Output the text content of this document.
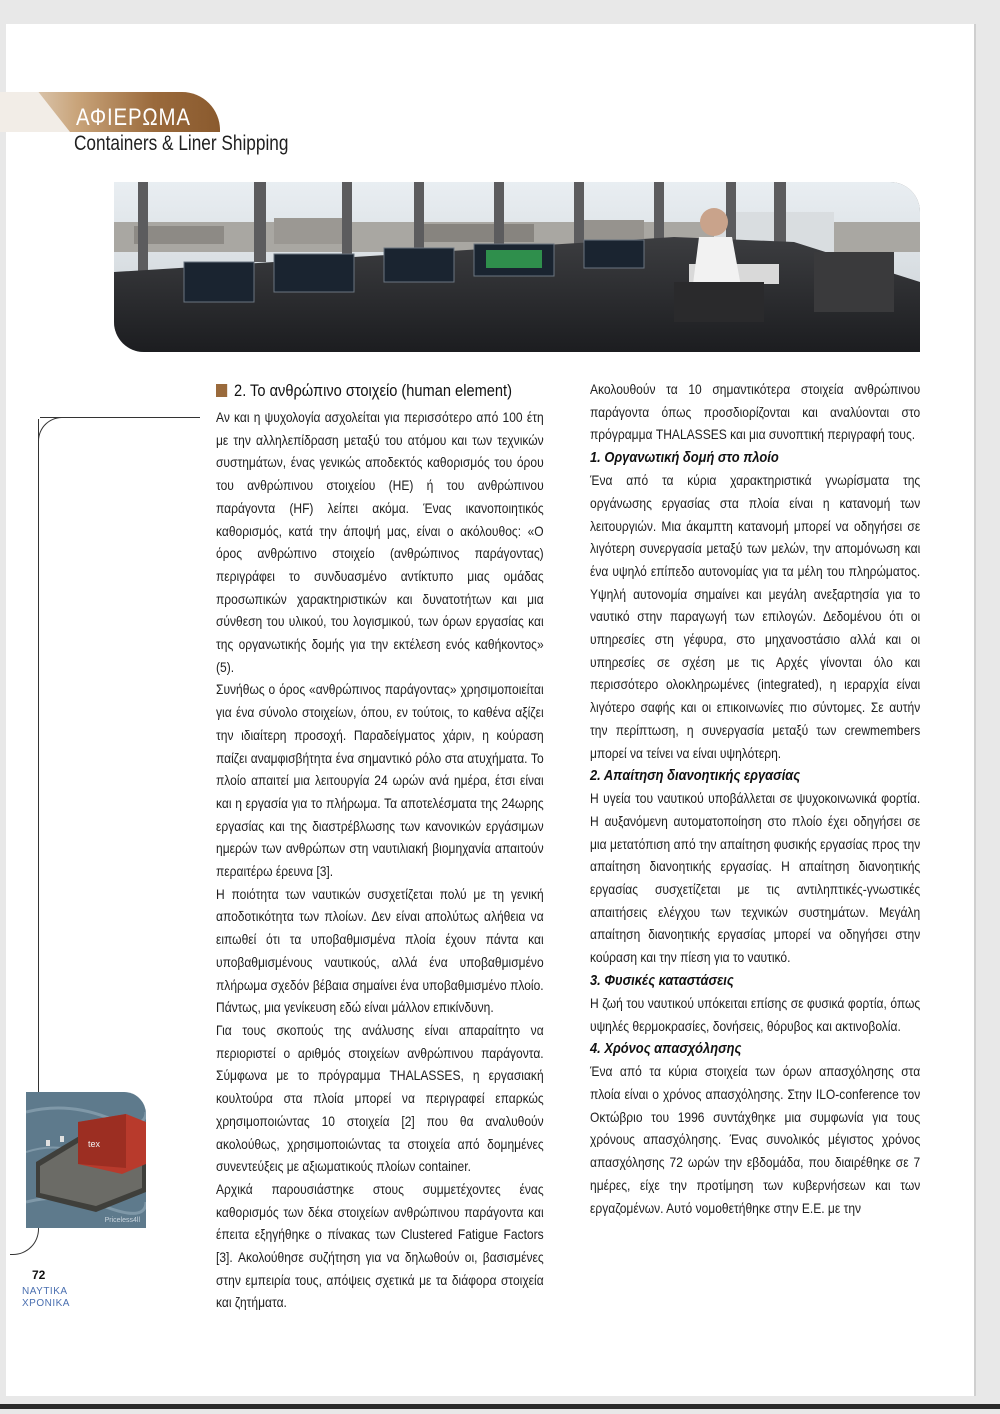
ΑΦΙΕΡΩΜΑ
Containers & Liner Shipping
tex
Priceless4ll
72
ΝΑΥΤΙΚΑ
ΧΡΟΝΙΚΑ
2. Το ανθρώπινο στοιχείο (human element)

Αν και η ψυχολογία ασχολείται για περισσότερο από 100 έτη με την αλληλεπίδραση μεταξύ του ατόμου και των τεχνικών συστημάτων, ένας γενικώς αποδεκτός καθορισμός του όρου του ανθρώπινου στοιχείου (HE) ή του ανθρώπινου παράγοντα (HF) λείπει ακόμα. Ένας ικανοποιητικός καθορισμός, κατά την άποψή μας, είναι ο ακόλουθος: «Ο όρος ανθρώπινο στοιχείο (ανθρώπινος παράγοντας) περιγράφει το συνδυασμένο αντίκτυπο μιας ομάδας προσωπικών χαρακτηριστικών και δυνατοτήτων και μια σύνθεση του υλικού, του λογισμικού, των όρων εργασίας και της οργανωτικής δομής για την εκτέλεση ενός καθήκοντος» (5).

Συνήθως ο όρος «ανθρώπινος παράγοντας» χρησιμοποιείται για ένα σύνολο στοιχείων, όπου, εν τούτοις, το καθένα αξίζει την ιδιαίτερη προσοχή. Παραδείγματος χάριν, η κούραση παίζει αναμφισβήτητα ένα σημαντικό ρόλο στα ατυχήματα. Το πλοίο απαιτεί μια λειτουργία 24 ωρών ανά ημέρα, έτσι είναι και η εργασία για το πλήρωμα. Τα αποτελέσματα της 24ωρης εργασίας και της διαστρέβλωσης των κανονικών εργάσιμων ημερών των ανθρώπων στη ναυτιλιακή βιομηχανία απαιτούν περαιτέρω έρευνα [3].

Η ποιότητα των ναυτικών συσχετίζεται πολύ με τη γενική αποδοτικότητα των πλοίων. Δεν είναι απολύτως αλήθεια να ειπωθεί ότι τα υποβαθμισμένα πλοία έχουν πάντα και υποβαθμισμένους ναυτικούς, αλλά ένα υποβαθμισμένο πλήρωμα σχεδόν βέβαια σημαίνει ένα υποβαθμισμένο πλοίο. Πάντως, μια γενίκευση εδώ είναι μάλλον επικίνδυνη.

Για τους σκοπούς της ανάλυσης είναι απαραίτητο να περιοριστεί ο αριθμός στοιχείων ανθρώπινου παράγοντα. Σύμφωνα με το πρόγραμμα THALASSES, η εργασιακή κουλτούρα στα πλοία μπορεί να περιγραφεί επαρκώς χρησιμοποιώντας 10 στοιχεία [2] που θα αναλυθούν ακολούθως, χρησιμοποιώντας τα στοιχεία από δομημένες συνεντεύξεις με αξιωματικούς πλοίων container.

Αρχικά παρουσιάστηκε στους συμμετέχοντες ένας καθορισμός των δέκα στοιχείων ανθρώπινου παράγοντα και έπειτα εξηγήθηκε ο πίνακας των Clustered Fatigue Factors [3]. Ακολούθησε συζήτηση για να δηλωθούν οι, βασισμένες στην εμπειρία τους, απόψεις σχετικά με τα διάφορα στοιχεία και ζητήματα.

Ακολουθούν τα 10 σημαντικότερα στοιχεία ανθρώπινου παράγοντα όπως προσδιορίζονται και αναλύονται στο πρόγραμμα THALASSES και μια συνοπτική περιγραφή τους.

1. Οργανωτική δομή στο πλοίο

Ένα από τα κύρια χαρακτηριστικά γνωρίσματα της οργάνωσης εργασίας στα πλοία είναι η κατανομή των λειτουργιών. Μια άκαμπτη κατανομή μπορεί να οδηγήσει σε λιγότερη συνεργασία μεταξύ των μελών, την απομόνωση και ένα υψηλό επίπεδο αυτονομίας για τα μέλη του πληρώματος. Υψηλή αυτονομία σημαίνει και μεγάλη ανεξαρτησία για το ναυτικό στην παραγωγή των επιλογών. Δεδομένου ότι οι υπηρεσίες στη γέφυρα, στο μηχανοστάσιο αλλά και οι υπηρεσίες σε σχέση με τις Αρχές γίνονται όλο και περισσότερο ολοκληρωμένες (integrated), η ιεραρχία είναι λιγότερο σαφής και οι επικοινωνίες πιο σύντομες. Σε αυτήν την περίπτωση, η συνεργασία μεταξύ των crewmembers μπορεί να τείνει να είναι υψηλότερη.

2. Απαίτηση διανοητικής εργασίας

Η υγεία του ναυτικού υποβάλλεται σε ψυχοκοινωνικά φορτία. Η αυξανόμενη αυτοματοποίηση στο πλοίο έχει οδηγήσει σε μια μετατόπιση από την απαίτηση φυσικής εργασίας προς την απαίτηση διανοητικής εργασίας. Η απαίτηση διανοητικής εργασίας συσχετίζεται με τις αντιληπτικές-γνωστικές απαιτήσεις ελέγχου των τεχνικών συστημάτων. Μεγάλη απαίτηση διανοητικής εργασίας μπορεί να οδηγήσει στην κούραση και την πίεση για το ναυτικό.

3. Φυσικές καταστάσεις

Η ζωή του ναυτικού υπόκειται επίσης σε φυσικά φορτία, όπως υψηλές θερμοκρασίες, δονήσεις, θόρυβος και ακτινοβολία.

4. Χρόνος απασχόλησης

Ένα από τα κύρια στοιχεία των όρων απασχόλησης στα πλοία είναι ο χρόνος απασχόλησης. Στην ILO-conference τον Οκτώβριο του 1996 συντάχθηκε μια συμφωνία για τους χρόνους απασχόλησης. Ένας συνολικός μέγιστος χρόνος απασχόλησης 72 ωρών την εβδομάδα, που διαιρέθηκε σε 7 ημέρες, είχε την προτίμηση των κυβερνήσεων και των εργαζομένων. Αυτό νομοθετήθηκε στην Ε.Ε. με την
